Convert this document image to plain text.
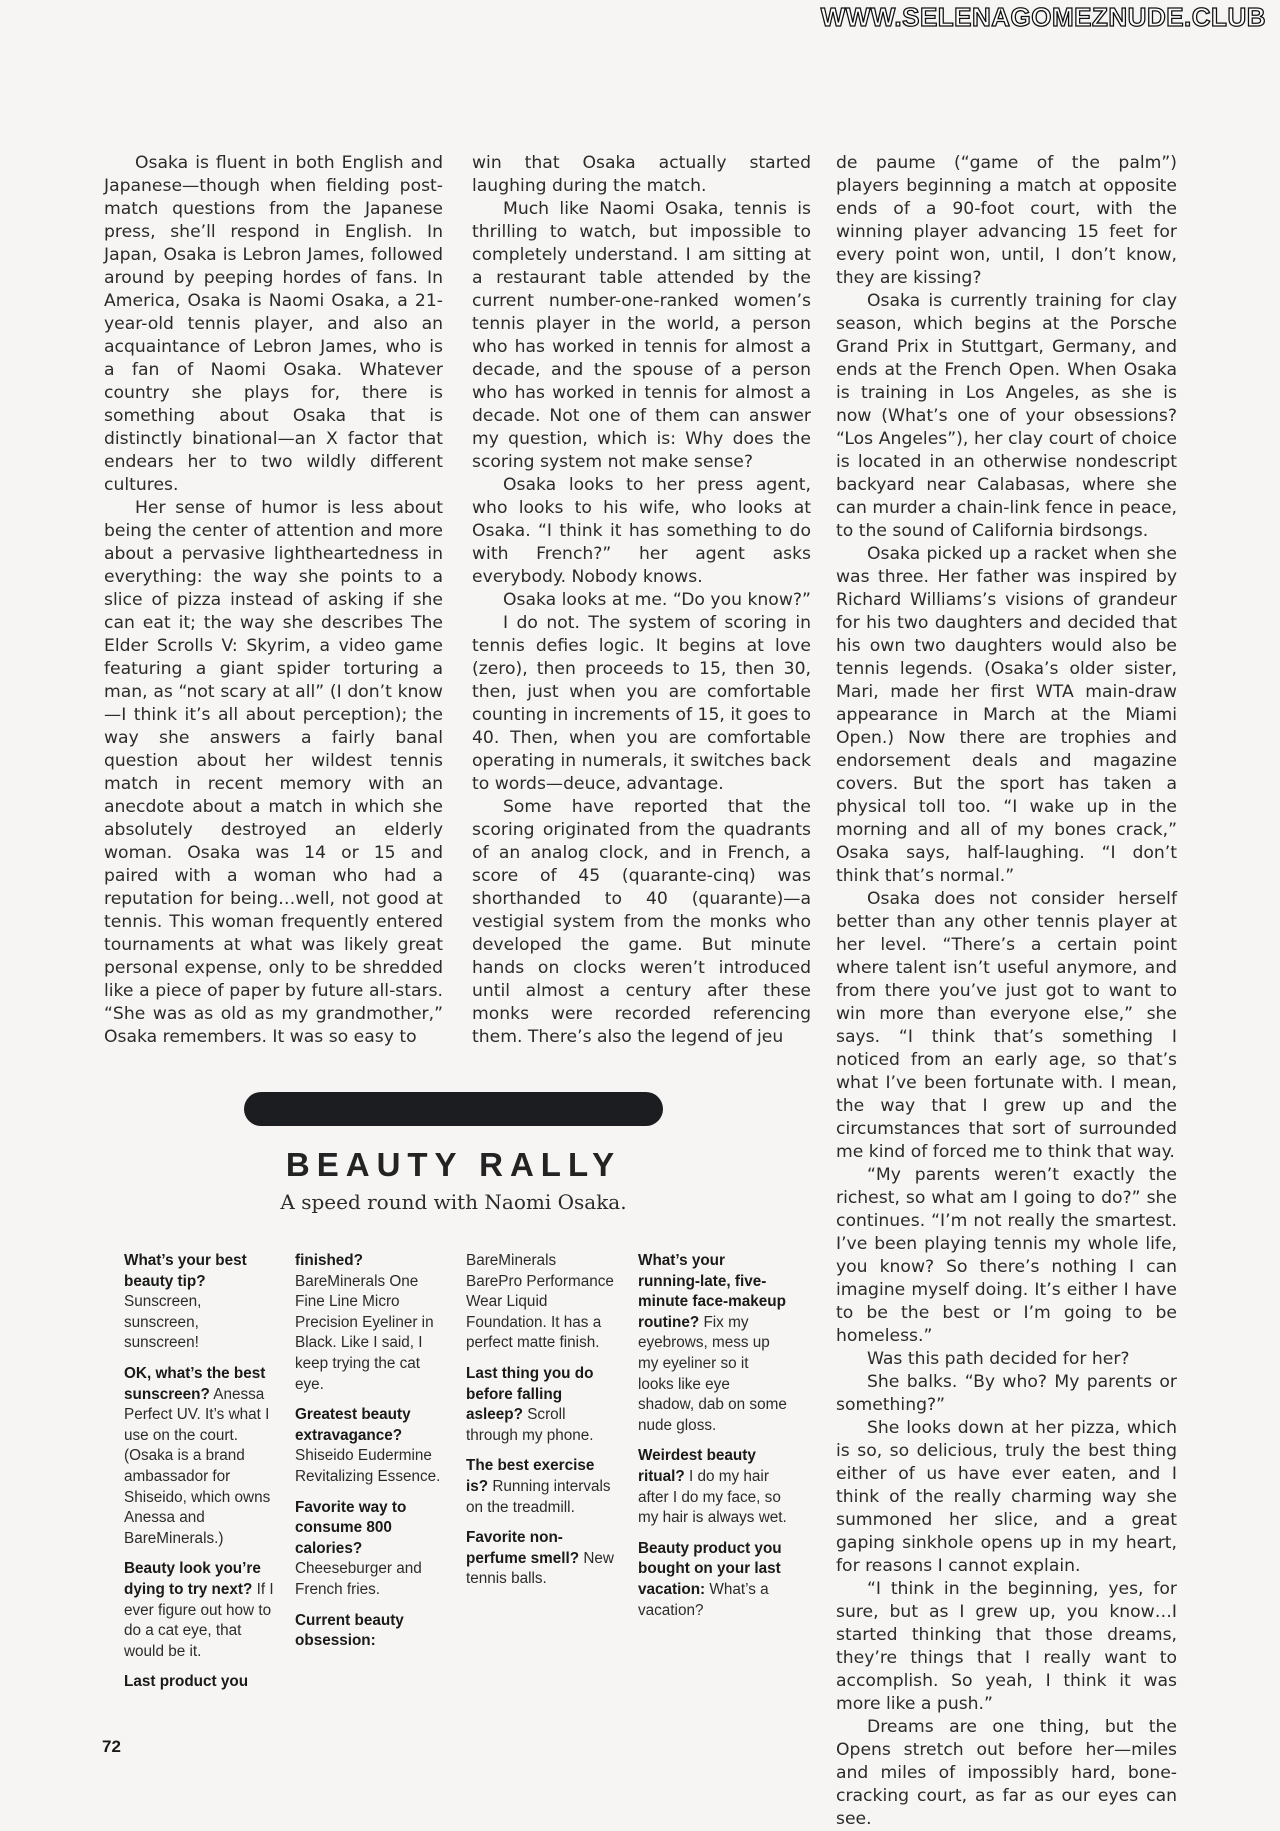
WWW.SELENAGOMEZNUDE.CLUB

Osaka is fluent in both English and Japanese—though when fielding post-match questions from the Japanese press, she’ll respond in English. In Japan, Osaka is Lebron James, followed around by peeping hordes of fans. In America, Osaka is Naomi Osaka, a 21-year-old tennis player, and also an acquaintance of Lebron James, who is a fan of Naomi Osaka. Whatever country she plays for, there is something about Osaka that is distinctly binational—an X factor that endears her to two wildly different cultures.

Her sense of humor is less about being the center of attention and more about a pervasive lightheartedness in everything: the way she points to a slice of pizza instead of asking if she can eat it; the way she describes The Elder Scrolls V: Skyrim, a video game featuring a giant spider torturing a man, as “not scary at all” (I don’t know—I think it’s all about perception); the way she answers a fairly banal question about her wildest tennis match in recent memory with an anecdote about a match in which she absolutely destroyed an elderly woman. Osaka was 14 or 15 and paired with a woman who had a reputation for being…well, not good at tennis. This woman frequently entered tournaments at what was likely great personal expense, only to be shredded like a piece of paper by future all-stars. “She was as old as my grandmother,” Osaka remembers. It was so easy to

win that Osaka actually started laughing during the match.

Much like Naomi Osaka, tennis is thrilling to watch, but impossible to completely understand. I am sitting at a restaurant table attended by the current number-one-ranked women’s tennis player in the world, a person who has worked in tennis for almost a decade, and the spouse of a person who has worked in tennis for almost a decade. Not one of them can answer my question, which is: Why does the scoring system not make sense?

Osaka looks to her press agent, who looks to his wife, who looks at Osaka. “I think it has something to do with French?” her agent asks everybody. Nobody knows.

Osaka looks at me. “Do you know?”

I do not. The system of scoring in tennis defies logic. It begins at love (zero), then proceeds to 15, then 30, then, just when you are comfortable counting in increments of 15, it goes to 40. Then, when you are comfortable operating in numerals, it switches back to words—deuce, advantage.

Some have reported that the scoring originated from the quadrants of an analog clock, and in French, a score of 45 (quarante-cinq) was shorthanded to 40 (quarante)—a vestigial system from the monks who developed the game. But minute hands on clocks weren’t introduced until almost a century after these monks were recorded referencing them. There’s also the legend of jeu

de paume (“game of the palm”) players beginning a match at opposite ends of a 90-foot court, with the winning player advancing 15 feet for every point won, until, I don’t know, they are kissing?

Osaka is currently training for clay season, which begins at the Porsche Grand Prix in Stuttgart, Germany, and ends at the French Open. When Osaka is training in Los Angeles, as she is now (What’s one of your obsessions? “Los Angeles”), her clay court of choice is located in an otherwise nondescript backyard near Calabasas, where she can murder a chain-link fence in peace, to the sound of California birdsongs.

Osaka picked up a racket when she was three. Her father was inspired by Richard Williams’s visions of grandeur for his two daughters and decided that his own two daughters would also be tennis legends. (Osaka’s older sister, Mari, made her first WTA main-draw appearance in March at the Miami Open.) Now there are trophies and endorsement deals and magazine covers. But the sport has taken a physical toll too. “I wake up in the morning and all of my bones crack,” Osaka says, half-laughing. “I don’t think that’s normal.”

Osaka does not consider herself better than any other tennis player at her level. “There’s a certain point where talent isn’t useful anymore, and from there you’ve just got to want to win more than everyone else,” she says. “I think that’s something I noticed from an early age, so that’s what I’ve been fortunate with. I mean, the way that I grew up and the circumstances that sort of surrounded me kind of forced me to think that way.

“My parents weren’t exactly the richest, so what am I going to do?” she continues. “I’m not really the smartest. I’ve been playing tennis my whole life, you know? So there’s nothing I can imagine myself doing. It’s either I have to be the best or I’m going to be homeless.”

Was this path decided for her?

She balks. “By who? My parents or something?”

She looks down at her pizza, which is so, so delicious, truly the best thing either of us have ever eaten, and I think of the really charming way she summoned her slice, and a great gaping sinkhole opens up in my heart, for reasons I cannot explain.

“I think in the beginning, yes, for sure, but as I grew up, you know…I started thinking that those dreams, they’re things that I really want to accomplish. So yeah, I think it was more like a push.”

Dreams are one thing, but the Opens stretch out before her—miles and miles of impossibly hard, bone-cracking court, as far as our eyes can see.

BEAUTY RALLY
A speed round with Naomi Osaka.

What’s your best beauty tip? Sunscreen, sunscreen, sunscreen!

OK, what’s the best sunscreen? Anessa Perfect UV. It’s what I use on the court. (Osaka is a brand ambassador for Shiseido, which owns Anessa and BareMinerals.)

Beauty look you’re dying to try next? If I ever figure out how to do a cat eye, that would be it.

Last product you

finished? BareMinerals One Fine Line Micro Precision Eyeliner in Black. Like I said, I keep trying the cat eye.

Greatest beauty extravagance? Shiseido Eudermine Revitalizing Essence.

Favorite way to consume 800 calories? Cheeseburger and French fries.

Current beauty obsession:

BareMinerals BarePro Performance Wear Liquid Foundation. It has a perfect matte finish.

Last thing you do before falling asleep? Scroll through my phone.

The best exercise is? Running intervals on the treadmill.

Favorite non-perfume smell? New tennis balls.

What’s your running-late, five-minute face-makeup routine? Fix my eyebrows, mess up my eyeliner so it looks like eye shadow, dab on some nude gloss.

Weirdest beauty ritual? I do my hair after I do my face, so my hair is always wet.

Beauty product you bought on your last vacation: What’s a vacation?

72
